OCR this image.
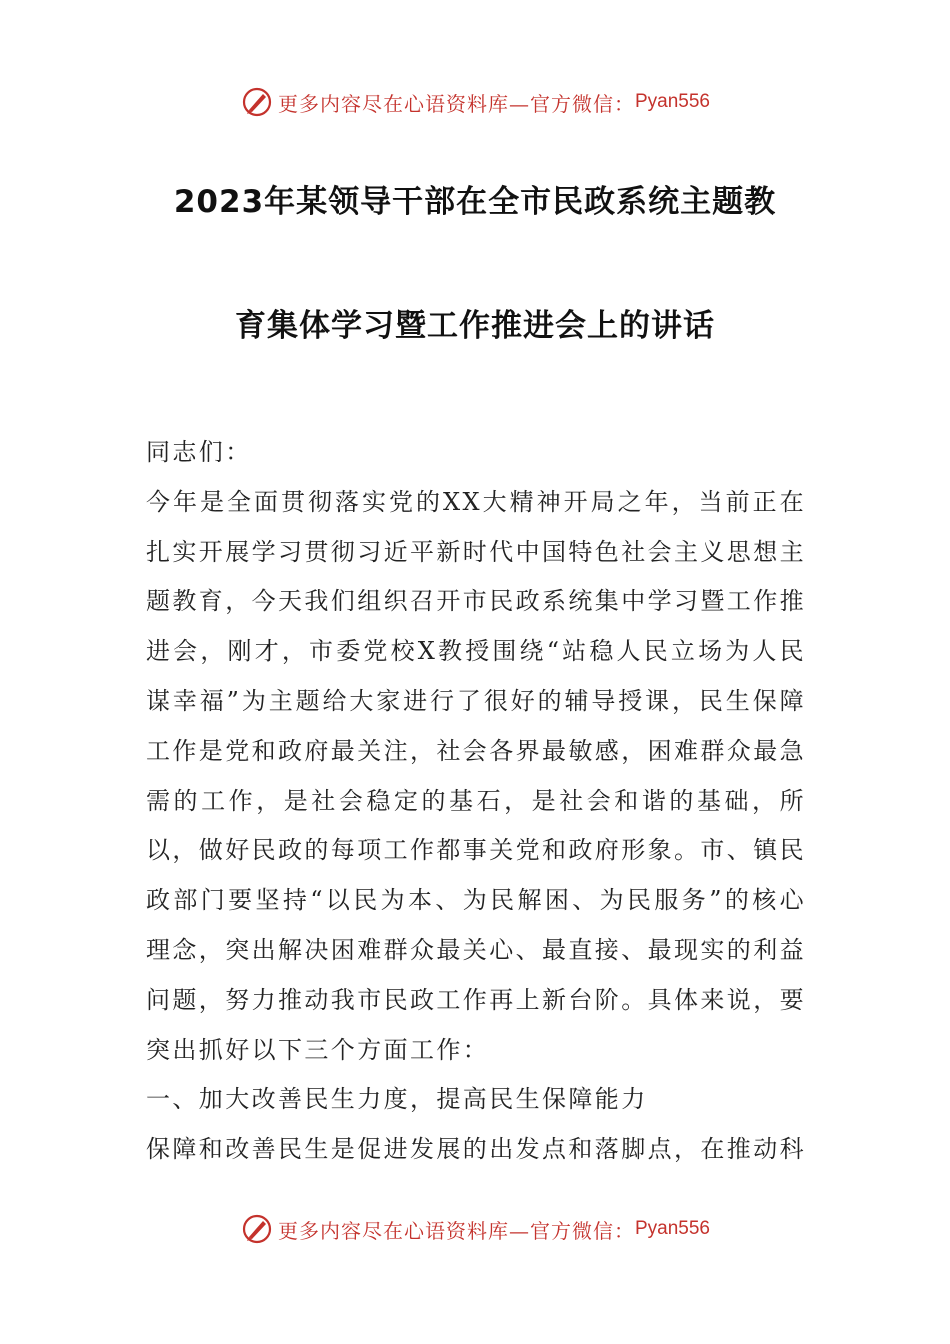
更多内容尽在心语资料库—官方微信： Pyan556
2023年某领导干部在全市民政系统主题教
育集体学习暨工作推进会上的讲话

同志们：

今年是全面贯彻落实党的XX大精神开局之年，当前正在扎实开展学习贯彻习近平新时代中国特色社会主义思想主题教育，今天我们组织召开市民政系统集中学习暨工作推进会，刚才，市委党校X教授围绕“站稳人民立场为人民谋幸福”为主题给大家进行了很好的辅导授课，民生保障工作是党和政府最关注，社会各界最敏感，困难群众最急需的工作，是社会稳定的基石，是社会和谐的基础，所以，做好民政的每项工作都事关党和政府形象。市、镇民政部门要坚持“以民为本、为民解困、为民服务”的核心理念，突出解决困难群众最关心、最直接、最现实的利益问题，努力推动我市民政工作再上新台阶。具体来说，要突出抓好以下三个方面工作：

一、加大改善民生力度，提高民生保障能力

保障和改善民生是促进发展的出发点和落脚点，在推动科

更多内容尽在心语资料库—官方微信： Pyan556
